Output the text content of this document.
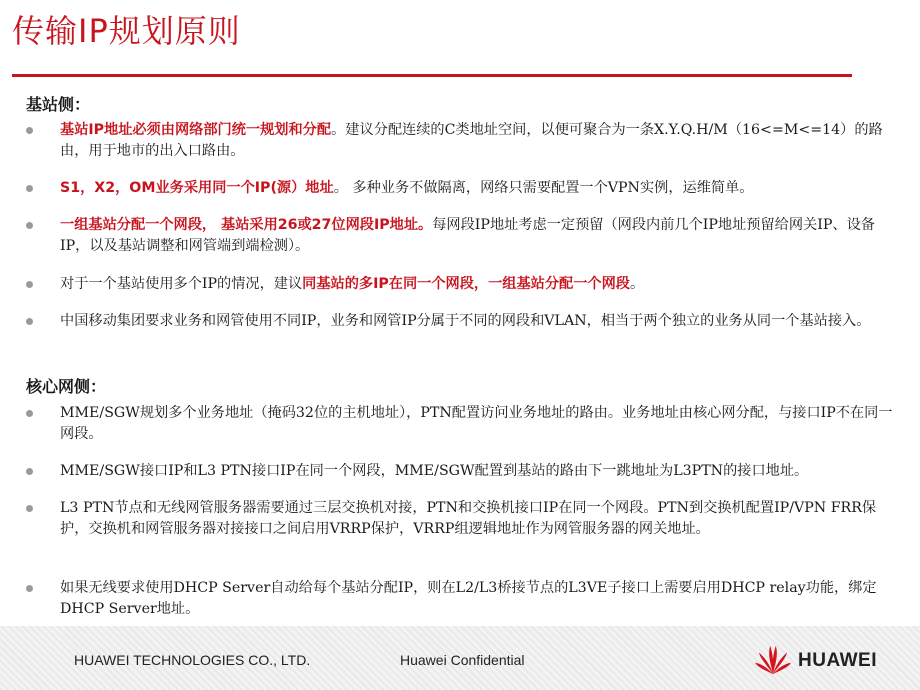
传输IP规划原则
基站侧：
基站IP地址必须由网络部门统一规划和分配。建议分配连续的C类地址空间，以便可聚合为一条X.Y.Q.H/M（16<=M<=14）的路由，用于地市的出入口路由。
S1，X2，OM业务采用同一个IP(源）地址。 多种业务不做隔离，网络只需要配置一个VPN实例，运维简单。
一组基站分配一个网段， 基站采用26或27位网段IP地址。每网段IP地址考虑一定预留（网段内前几个IP地址预留给网关IP、设备IP，以及基站调整和网管端到端检测）。
对于一个基站使用多个IP的情况，建议同基站的多IP在同一个网段，一组基站分配一个网段。
中国移动集团要求业务和网管使用不同IP，业务和网管IP分属于不同的网段和VLAN，相当于两个独立的业务从同一个基站接入。
核心网侧：
MME/SGW规划多个业务地址（掩码32位的主机地址），PTN配置访问业务地址的路由。业务地址由核心网分配，与接口IP不在同一网段。
MME/SGW接口IP和L3 PTN接口IP在同一个网段，MME/SGW配置到基站的路由下一跳地址为L3PTN的接口地址。
L3 PTN节点和无线网管服务器需要通过三层交换机对接，PTN和交换机接口IP在同一个网段。PTN到交换机配置IP/VPN FRR保护，交换机和网管服务器对接接口之间启用VRRP保护，VRRP组逻辑地址作为网管服务器的网关地址。
如果无线要求使用DHCP Server自动给每个基站分配IP，则在L2/L3桥接节点的L3VE子接口上需要启用DHCP relay功能，绑定DHCP Server地址。
HUAWEI TECHNOLOGIES CO., LTD.	Huawei Confidential	HUAWEI
